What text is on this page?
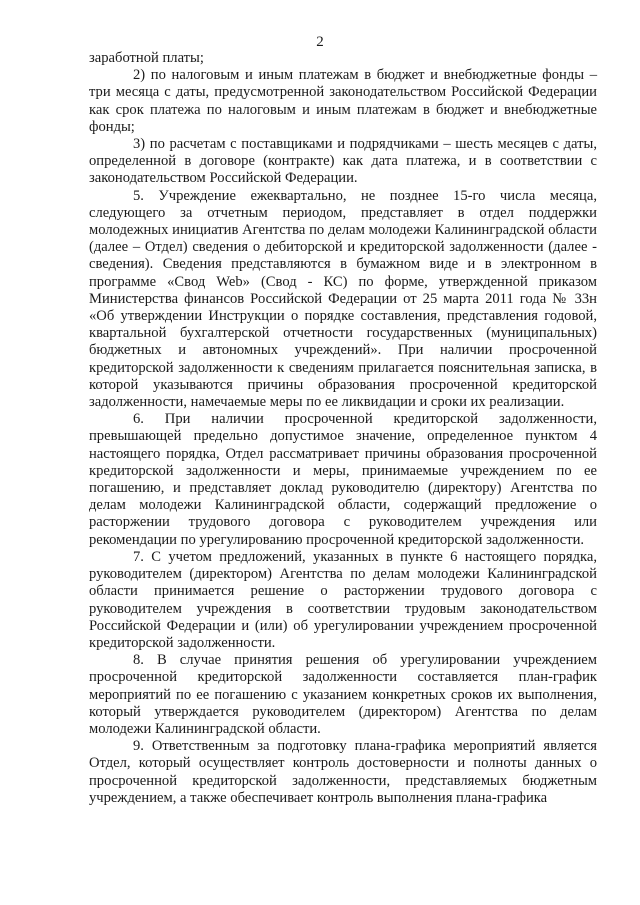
2

заработной платы;

2) по налоговым и иным платежам в бюджет и внебюджетные фонды – три месяца с даты, предусмотренной законодательством Российской Федерации как срок платежа по налоговым и иным платежам в бюджет и внебюджетные фонды;

3) по расчетам с поставщиками и подрядчиками – шесть месяцев с даты, определенной в договоре (контракте) как дата платежа, и в соответствии с законодательством Российской Федерации.

5. Учреждение ежеквартально, не позднее 15-го числа месяца, следующего за отчетным периодом, представляет в отдел поддержки молодежных инициатив Агентства по делам молодежи Калининградской области (далее – Отдел) сведения о дебиторской и кредиторской задолженности (далее - сведения). Сведения представляются в бумажном виде и в электронном в программе «Свод Web» (Свод - КС) по форме, утвержденной приказом Министерства финансов Российской Федерации от 25 марта 2011 года № 33н «Об утверждении Инструкции о порядке составления, представления годовой, квартальной бухгалтерской отчетности государственных (муниципальных) бюджетных и автономных учреждений». При наличии просроченной кредиторской задолженности к сведениям прилагается пояснительная записка, в которой указываются причины образования просроченной кредиторской задолженности, намечаемые меры по ее ликвидации и сроки их реализации.

6. При наличии просроченной кредиторской задолженности, превышающей предельно допустимое значение, определенное пунктом 4 настоящего порядка, Отдел рассматривает причины образования просроченной кредиторской задолженности и меры, принимаемые учреждением по ее погашению, и представляет доклад руководителю (директору) Агентства по делам молодежи Калининградской области, содержащий предложение о расторжении трудового договора с руководителем учреждения или рекомендации по урегулированию просроченной кредиторской задолженности.

7. С учетом предложений, указанных в пункте 6 настоящего порядка, руководителем (директором) Агентства по делам молодежи Калининградской области принимается решение о расторжении трудового договора с руководителем учреждения в соответствии трудовым законодательством Российской Федерации и (или) об урегулировании учреждением просроченной кредиторской задолженности.

8. В случае принятия решения об урегулировании учреждением просроченной кредиторской задолженности составляется план-график мероприятий по ее погашению с указанием конкретных сроков их выполнения, который утверждается руководителем (директором) Агентства по делам молодежи Калининградской области.

9. Ответственным за подготовку плана-графика мероприятий является Отдел, который осуществляет контроль достоверности и полноты данных о просроченной кредиторской задолженности, представляемых бюджетным учреждением, а также обеспечивает контроль выполнения плана-графика
